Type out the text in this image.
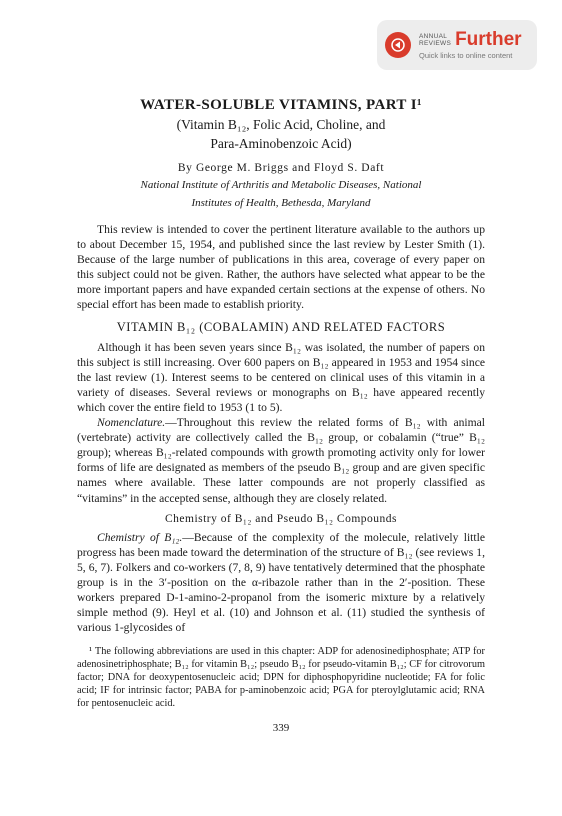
ANNUAL
REVIEWS Further
Quick links to online content
WATER-SOLUBLE VITAMINS, PART I¹
(Vitamin B₁₂, Folic Acid, Choline, and
Para-Aminobenzoic Acid)
By George M. Briggs and Floyd S. Daft
National Institute of Arthritis and Metabolic Diseases, National
Institutes of Health, Bethesda, Maryland

This review is intended to cover the pertinent literature available to the authors up to about December 15, 1954, and published since the last review by Lester Smith (1). Because of the large number of publications in this area, coverage of every paper on this subject could not be given. Rather, the authors have selected what appear to be the more important papers and have expanded certain sections at the expense of others. No special effort has been made to establish priority.

VITAMIN B₁₂ (COBALAMIN) AND RELATED FACTORS

Although it has been seven years since B₁₂ was isolated, the number of papers on this subject is still increasing. Over 600 papers on B₁₂ appeared in 1953 and 1954 since the last review (1). Interest seems to be centered on clinical uses of this vitamin in a variety of diseases. Several reviews or monographs on B₁₂ have appeared recently which cover the entire field to 1953 (1 to 5).

Nomenclature.—Throughout this review the related forms of B₁₂ with animal (vertebrate) activity are collectively called the B₁₂ group, or cobalamin (“true” B₁₂ group); whereas B₁₂-related compounds with growth promoting activity only for lower forms of life are designated as members of the pseudo B₁₂ group and are given specific names where available. These latter compounds are not properly classified as “vitamins” in the accepted sense, although they are closely related.

Chemistry of B₁₂ and Pseudo B₁₂ Compounds

Chemistry of B₁₂.—Because of the complexity of the molecule, relatively little progress has been made toward the determination of the structure of B₁₂ (see reviews 1, 5, 6, 7). Folkers and co-workers (7, 8, 9) have tentatively determined that the phosphate group is in the 3′-position on the α-ribazole rather than in the 2′-position. These workers prepared D-1-amino-2-propanol from the isomeric mixture by a relatively simple method (9). Heyl et al. (10) and Johnson et al. (11) studied the synthesis of various 1-glycosides of

¹ The following abbreviations are used in this chapter: ADP for adenosinediphosphate; ATP for adenosinetriphosphate; B₁₂ for vitamin B₁₂; pseudo B₁₂ for pseudo-vitamin B₁₂; CF for citrovorum factor; DNA for deoxypentosenucleic acid; DPN for diphosphopyridine nucleotide; FA for folic acid; IF for intrinsic factor; PABA for p-aminobenzoic acid; PGA for pteroylglutamic acid; RNA for pentosenucleic acid.
339
